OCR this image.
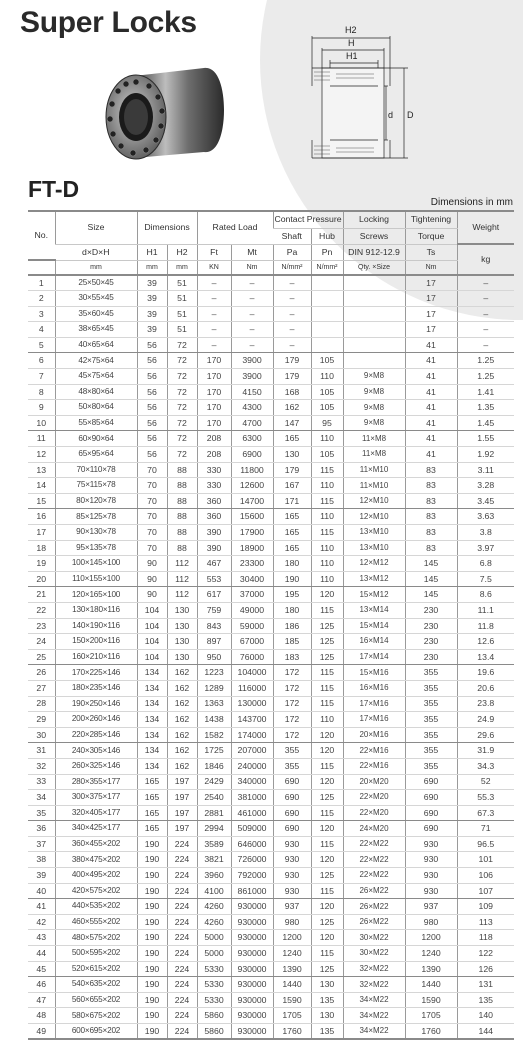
Super Locks	H2
H
H1
d D
FT-D
Dimensions in mm
No.	Size	Dimensions		Rated Load		Contact Pressure		Locking	Tightening	Weight
						Shaft	Hub	Screws	Torque	
	d×D×H	H1	H2	Ft	Mt	Pa	Pn	DIN 912-12.9	Ts	kg
	mm	mm	mm	KN	Nm	N/mm²	N/mm²	Qty. ×Size	Nm	
1	25×50×45	39	51	–	–	–			17	–
2	30×55×45	39	51	–	–	–			17	–
3	35×60×45	39	51	–	–	–			17	–
4	38×65×45	39	51	–	–	–			17	–
5	40×65×64	56	72	–	–	–			41	–
6	42×75×64	56	72	170	3900	179	105		41	1.25
7	45×75×64	56	72	170	3900	179	110	9×M8	41	1.25
8	48×80×64	56	72	170	4150	168	105	9×M8	41	1.41
9	50×80×64	56	72	170	4300	162	105	9×M8	41	1.35
10	55×85×64	56	72	170	4700	147	95	9×M8	41	1.45
11	60×90×64	56	72	208	6300	165	110	11×M8	41	1.55
12	65×95×64	56	72	208	6900	130	105	11×M8	41	1.92
13	70×110×78	70	88	330	11800	179	115	11×M10	83	3.11
14	75×115×78	70	88	330	12600	167	110	11×M10	83	3.28
15	80×120×78	70	88	360	14700	171	115	12×M10	83	3.45
16	85×125×78	70	88	360	15600	165	110	12×M10	83	3.63
17	90×130×78	70	88	390	17900	165	115	13×M10	83	3.8
18	95×135×78	70	88	390	18900	165	110	13×M10	83	3.97
19	100×145×100	90	112	467	23300	180	110	12×M12	145	6.8
20	110×155×100	90	112	553	30400	190	110	13×M12	145	7.5
21	120×165×100	90	112	617	37000	195	120	15×M12	145	8.6
22	130×180×116	104	130	759	49000	180	115	13×M14	230	11.1
23	140×190×116	104	130	843	59000	186	125	15×M14	230	11.8
24	150×200×116	104	130	897	67000	185	125	16×M14	230	12.6
25	160×210×116	104	130	950	76000	183	125	17×M14	230	13.4
26	170×225×146	134	162	1223	104000	172	115	15×M16	355	19.6
27	180×235×146	134	162	1289	116000	172	115	16×M16	355	20.6
28	190×250×146	134	162	1363	130000	172	115	17×M16	355	23.8
29	200×260×146	134	162	1438	143700	172	110	17×M16	355	24.9
30	220×285×146	134	162	1582	174000	172	120	20×M16	355	29.6
31	240×305×146	134	162	1725	207000	355	120	22×M16	355	31.9
32	260×325×146	134	162	1846	240000	355	115	22×M16	355	34.3
33	280×355×177	165	197	2429	340000	690	120	20×M20	690	52
34	300×375×177	165	197	2540	381000	690	125	22×M20	690	55.3
35	320×405×177	165	197	2881	461000	690	115	22×M20	690	67.3
36	340×425×177	165	197	2994	509000	690	120	24×M20	690	71
37	360×455×202	190	224	3589	646000	930	115	22×M22	930	96.5
38	380×475×202	190	224	3821	726000	930	120	22×M22	930	101
39	400×495×202	190	224	3960	792000	930	125	22×M22	930	106
40	420×575×202	190	224	4100	861000	930	115	26×M22	930	107
41	440×535×202	190	224	4260	930000	937	120	26×M22	937	109
42	460×555×202	190	224	4260	930000	980	125	26×M22	980	113
43	480×575×202	190	224	5000	930000	1200	120	30×M22	1200	118
44	500×595×202	190	224	5000	930000	1240	115	30×M22	1240	122
45	520×615×202	190	224	5330	930000	1390	125	32×M22	1390	126
46	540×635×202	190	224	5330	930000	1440	130	32×M22	1440	131
47	560×655×202	190	224	5330	930000	1590	135	34×M22	1590	135
48	580×675×202	190	224	5860	930000	1705	130	34×M22	1705	140
49	600×695×202	190	224	5860	930000	1760	135	34×M22	1760	144
